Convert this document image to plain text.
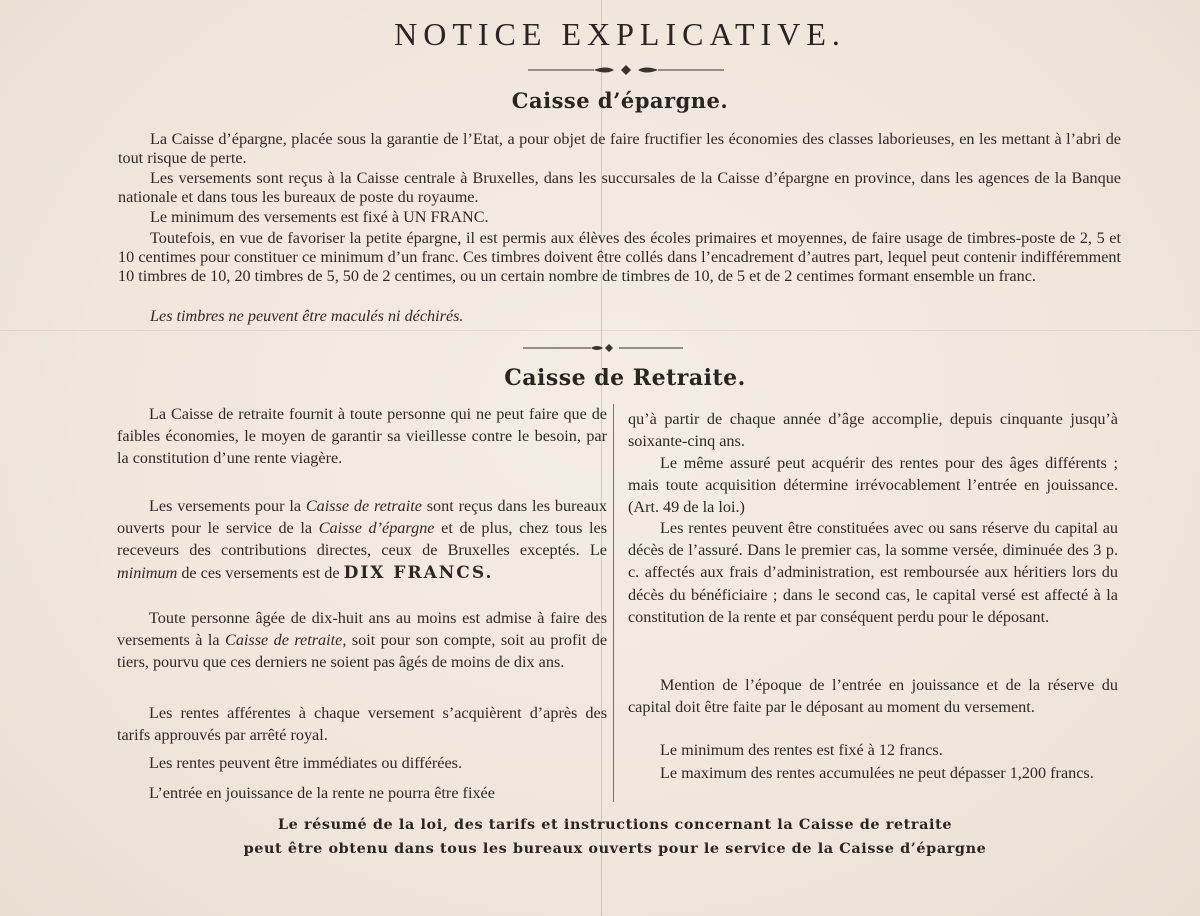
NOTICE EXPLICATIVE.
Caisse d’épargne.

La Caisse d’épargne, placée sous la garantie de l’Etat, a pour objet de faire fructifier les économies des classes laborieuses, en les mettant à l’abri de tout risque de perte.

Les versements sont reçus à la Caisse centrale à Bruxelles, dans les succursales de la Caisse d’épargne en province, dans les agences de la Banque nationale et dans tous les bureaux de poste du royaume.

Le minimum des versements est fixé à UN FRANC.

Toutefois, en vue de favoriser la petite épargne, il est permis aux élèves des écoles primaires et moyennes, de faire usage de timbres-poste de 2, 5 et 10 centimes pour constituer ce minimum d’un franc. Ces timbres doivent être collés dans l’encadrement d’autres part, lequel peut contenir indifféremment 10 timbres de 10, 20 timbres de 5, 50 de 2 centimes, ou un certain nombre de timbres de 10, de 5 et de 2 centimes formant ensemble un franc.

Les timbres ne peuvent être maculés ni déchirés.

Caisse de Retraite.

La Caisse de retraite fournit à toute personne qui ne peut faire que de faibles économies, le moyen de garantir sa vieillesse contre le besoin, par la constitution d’une rente viagère.

Les versements pour la Caisse de retraite sont reçus dans les bureaux ouverts pour le service de la Caisse d’épargne et de plus, chez tous les receveurs des contributions directes, ceux de Bruxelles exceptés. Le minimum de ces versements est de DIX FRANCS.

Toute personne âgée de dix-huit ans au moins est admise à faire des versements à la Caisse de retraite, soit pour son compte, soit au profit de tiers, pourvu que ces derniers ne soient pas âgés de moins de dix ans.

Les rentes afférentes à chaque versement s’acquièrent d’après des tarifs approuvés par arrêté royal.

Les rentes peuvent être immédiates ou différées.

L’entrée en jouissance de la rente ne pourra être fixée

qu’à partir de chaque année d’âge accomplie, depuis cinquante jusqu’à soixante-cinq ans.

Le même assuré peut acquérir des rentes pour des âges différents ; mais toute acquisition détermine irrévocablement l’entrée en jouissance. (Art. 49 de la loi.)

Les rentes peuvent être constituées avec ou sans réserve du capital au décès de l’assuré. Dans le premier cas, la somme versée, diminuée des 3 p. c. affectés aux frais d’administration, est remboursée aux héritiers lors du décès du bénéficiaire ; dans le second cas, le capital versé est affecté à la constitution de la rente et par conséquent perdu pour le déposant.

Mention de l’époque de l’entrée en jouissance et de la réserve du capital doit être faite par le déposant au moment du versement.

Le minimum des rentes est fixé à 12 francs.

Le maximum des rentes accumulées ne peut dépasser 1,200 francs.

Le résumé de la loi, des tarifs et instructions concernant la Caisse de retraite

peut être obtenu dans tous les bureaux ouverts pour le service de la Caisse d’épargne
